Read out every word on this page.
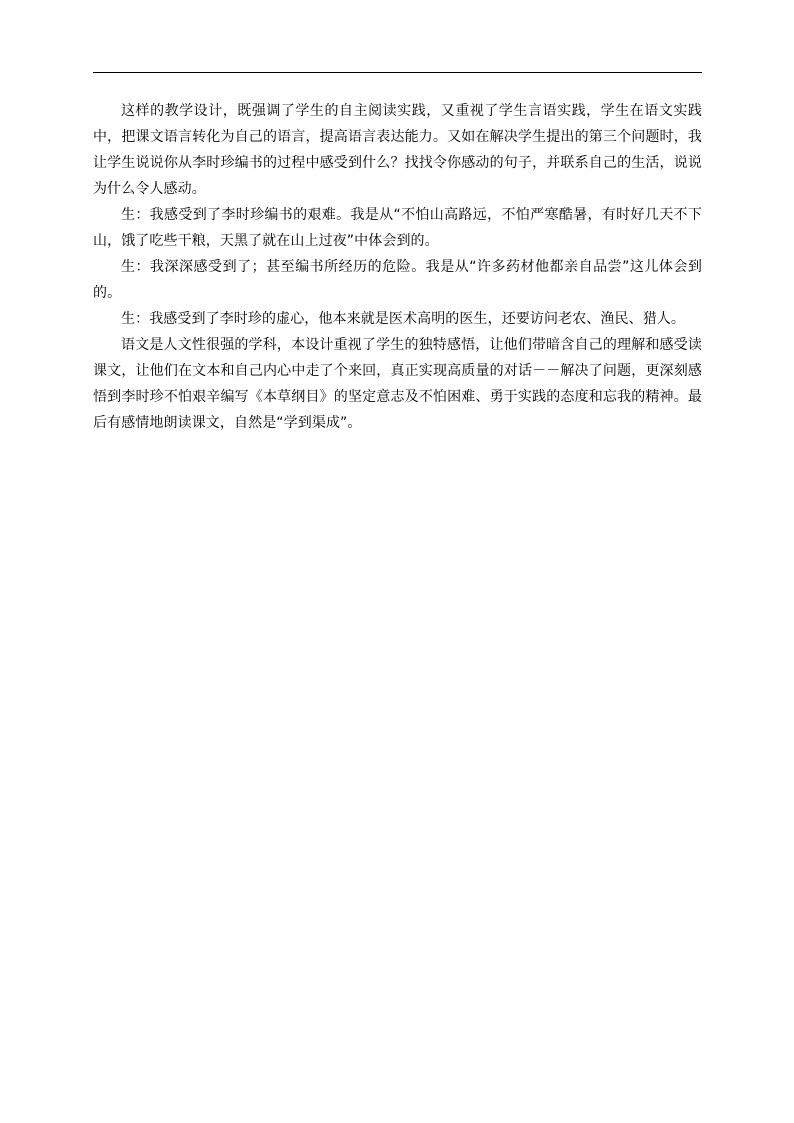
这样的教学设计，既强调了学生的自主阅读实践，又重视了学生言语实践，学生在语文实践中，把课文语言转化为自己的语言，提高语言表达能力。又如在解决学生提出的第三个问题时，我让学生说说你从李时珍编书的过程中感受到什么？找找令你感动的句子，并联系自己的生活，说说为什么令人感动。

生：我感受到了李时珍编书的艰难。我是从“不怕山高路远，不怕严寒酷暑，有时好几天不下山，饿了吃些干粮，天黑了就在山上过夜”中体会到的。

生：我深深感受到了；甚至编书所经历的危险。我是从“许多药材他都亲自品尝”这儿体会到的。

生：我感受到了李时珍的虚心，他本来就是医术高明的医生，还要访问老农、渔民、猎人。

语文是人文性很强的学科，本设计重视了学生的独特感悟，让他们带暗含自己的理解和感受读课文，让他们在文本和自己内心中走了个来回，真正实现高质量的对话－－解决了问题，更深刻感悟到李时珍不怕艰辛编写《本草纲目》的坚定意志及不怕困难、勇于实践的态度和忘我的精神。最后有感情地朗读课文，自然是“学到渠成”。
